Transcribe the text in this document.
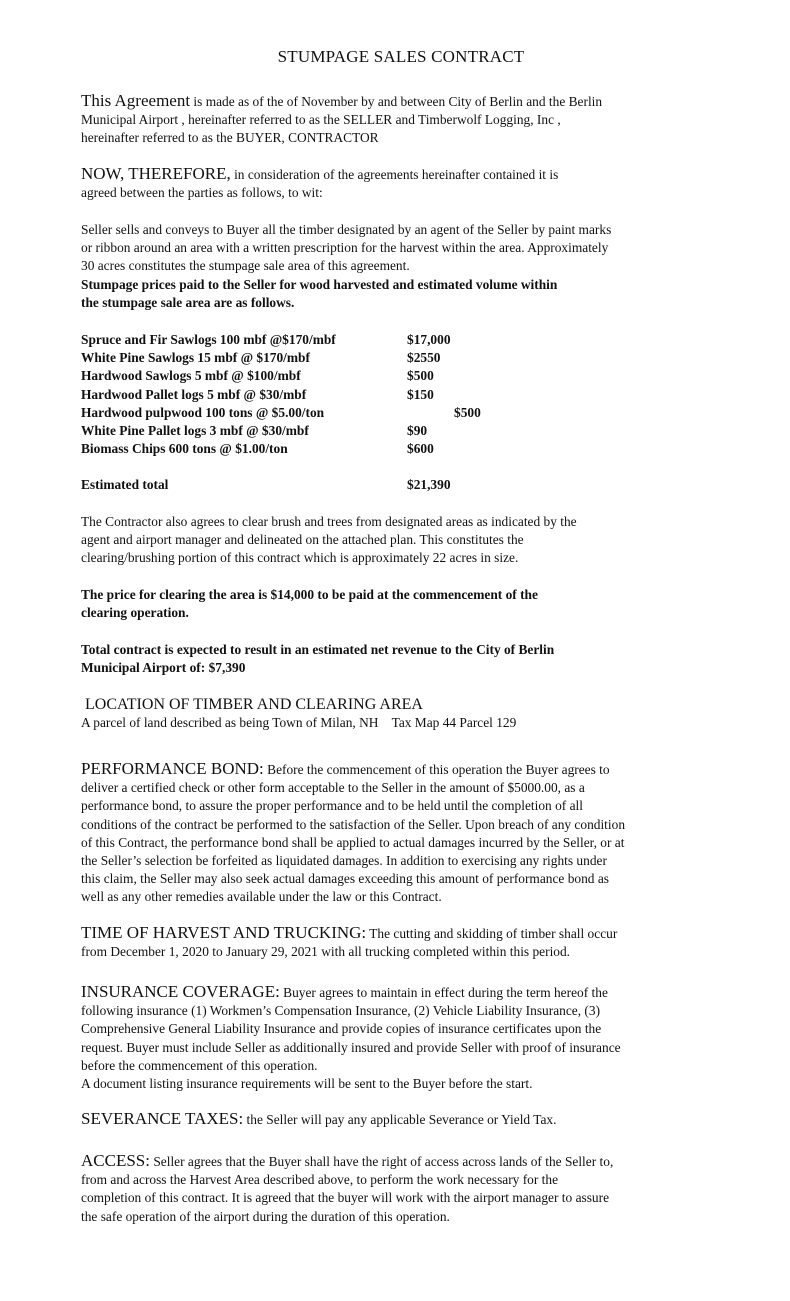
STUMPAGE SALES CONTRACT
This Agreement is made as of the of November by and between City of Berlin and the Berlin
Municipal Airport , hereinafter referred to as the SELLER and Timberwolf Logging, Inc ,
hereinafter referred to as the BUYER, CONTRACTOR
NOW, THEREFORE, in consideration of the agreements hereinafter contained it is
agreed between the parties as follows, to wit:
Seller sells and conveys to Buyer all the timber designated by an agent of the Seller by paint marks
or ribbon around an area with a written prescription for the harvest within the area. Approximately
30 acres constitutes the stumpage sale area of this agreement.
Stumpage prices paid to the Seller for wood harvested and estimated volume within
the stumpage sale area are as follows.
Spruce and Fir Sawlogs 100 mbf @$170/mbf	$17,000
White Pine Sawlogs 15 mbf @ $170/mbf	$2550
Hardwood Sawlogs 5 mbf @ $100/mbf	$500
Hardwood Pallet logs 5 mbf @ $30/mbf	$150
Hardwood pulpwood 100 tons @ $5.00/ton	$500
White Pine Pallet logs 3 mbf @ $30/mbf	$90
Biomass Chips 600 tons @ $1.00/ton	$600
Estimated total	$21,390
The Contractor also agrees to clear brush and trees from designated areas as indicated by the
agent and airport manager and delineated on the attached plan. This constitutes the
clearing/brushing portion of this contract which is approximately 22 acres in size.
The price for clearing the area is $14,000 to be paid at the commencement of the
clearing operation.
Total contract is expected to result in an estimated net revenue to the City of Berlin
Municipal Airport of: $7,390
LOCATION OF TIMBER AND CLEARING AREA
A parcel of land described as being Town of Milan, NH    Tax Map 44 Parcel 129
PERFORMANCE BOND: Before the commencement of this operation the Buyer agrees to
deliver a certified check or other form acceptable to the Seller in the amount of $5000.00, as a
performance bond, to assure the proper performance and to be held until the completion of all
conditions of the contract be performed to the satisfaction of the Seller. Upon breach of any condition
of this Contract, the performance bond shall be applied to actual damages incurred by the Seller, or at
the Seller’s selection be forfeited as liquidated damages. In addition to exercising any rights under
this claim, the Seller may also seek actual damages exceeding this amount of performance bond as
well as any other remedies available under the law or this Contract.
TIME OF HARVEST AND TRUCKING: The cutting and skidding of timber shall occur
from December 1, 2020 to January 29, 2021 with all trucking completed within this period.
INSURANCE COVERAGE: Buyer agrees to maintain in effect during the term hereof the
following insurance (1) Workmen’s Compensation Insurance, (2) Vehicle Liability Insurance, (3)
Comprehensive General Liability Insurance and provide copies of insurance certificates upon the
request. Buyer must include Seller as additionally insured and provide Seller with proof of insurance
before the commencement of this operation.
A document listing insurance requirements will be sent to the Buyer before the start.
SEVERANCE TAXES: the Seller will pay any applicable Severance or Yield Tax.
ACCESS: Seller agrees that the Buyer shall have the right of access across lands of the Seller to,
from and across the Harvest Area described above, to perform the work necessary for the
completion of this contract. It is agreed that the buyer will work with the airport manager to assure
the safe operation of the airport during the duration of this operation.
